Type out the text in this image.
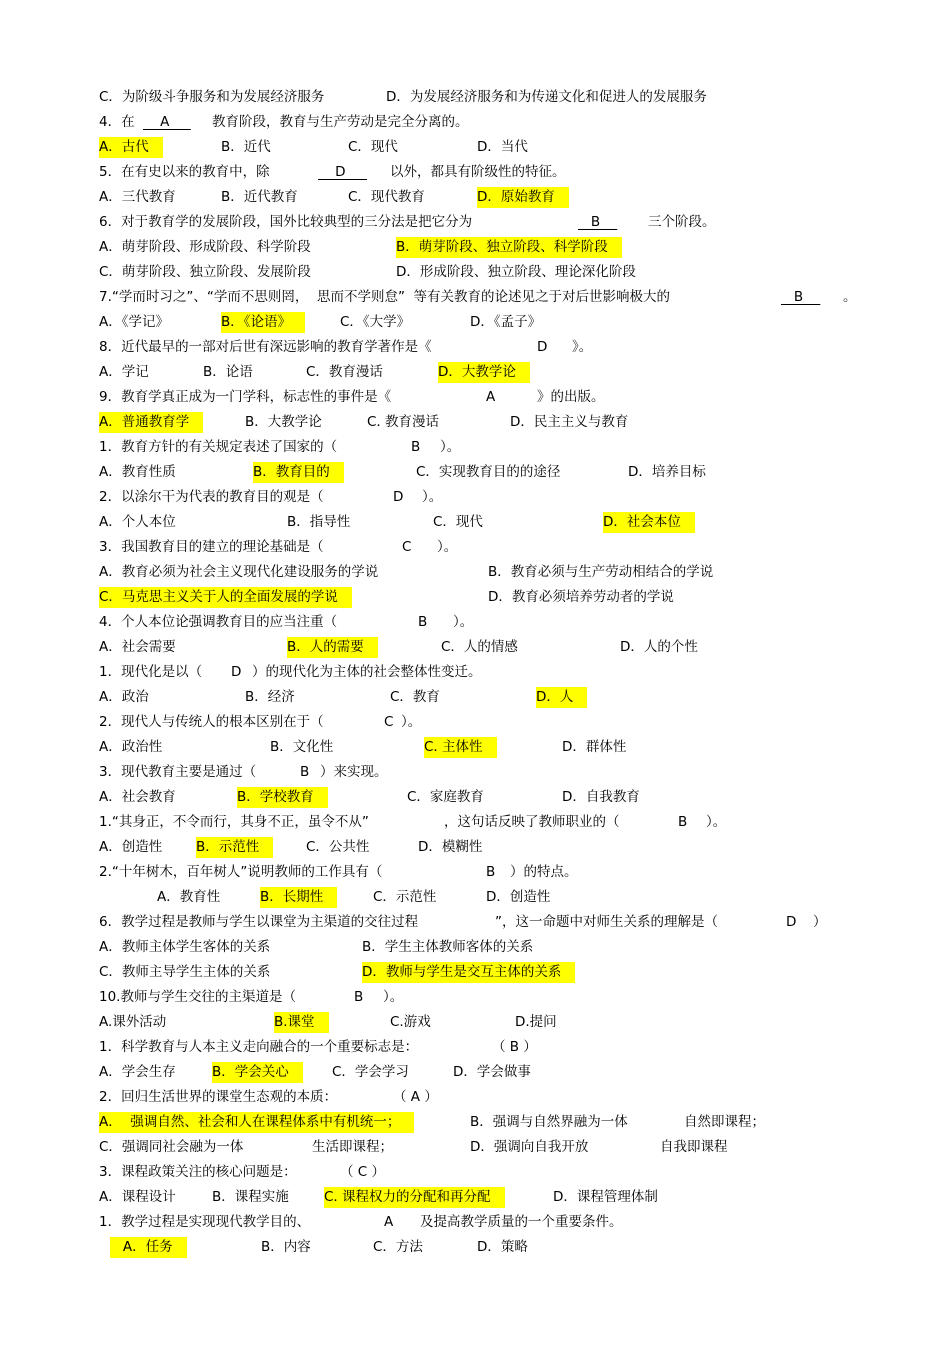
C．为阶级斗争服务和为发展经济服务	D．为发展经济服务和为传递文化和促进人的发展服务
4．在 A 教育阶段，教育与生产劳动是完全分离的。
A．古代	B．近代	C．现代	D．当代
5．在有史以来的教育中，除	D 以外，都具有阶级性的特征。
A．三代教育	B．近代教育	C．现代教育	D．原始教育
6．对于教育学的发展阶段，国外比较典型的三分法是把它分为	B 三个阶段。
A．萌芽阶段、形成阶段、科学阶段	B．萌芽阶段、独立阶段、科学阶段
C．萌芽阶段、独立阶段、发展阶段	D．形成阶段、独立阶段、理论深化阶段
7.“学而时习之”、“学而不思则罔，  思而不学则怠”  等有关教育的论述见之于对后世影响极大的	B 。
A．《学记》	B．《论语》	C．《大学》	D．《孟子》
8．近代最早的一部对后世有深远影响的教育学著作是《	D 》。
A．学记	B．论语	C．教育漫话	D．大教学论
9．教育学真正成为一门学科，标志性的事件是《	A	》的出版。
A．普通教育学	B．大教学论	C. 教育漫话	D．民主主义与教育
1．教育方针的有关规定表述了国家的（	B ）。
A．教育性质	B．教育目的	C．实现教育目的的途径	D．培养目标
2．以涂尔干为代表的教育目的观是（	D ）。
A．个人本位	B．指导性	C．现代	D．社会本位
3．我国教育目的建立的理论基础是（	C ）。
A．教育必须为社会主义现代化建设服务的学说	B．教育必须与生产劳动相结合的学说
C．马克思主义关于人的全面发展的学说	D．教育必须培养劳动者的学说
4．个人本位论强调教育目的应当注重（	B ）。
A．社会需要	B．人的需要	C．人的情感	D．人的个性
1．现代化是以（ D ）的现代化为主体的社会整体性变迁。
A．政治	B．经济	C．教育	D．人
2．现代人与传统人的根本区别在于（	C ）。
A．政治性	B．文化性	C. 主体性	D．群体性
3．现代教育主要是通过（	B ）来实现。
A．社会教育	B．学校教育	C．家庭教育	D．自我教育
1.“其身正，不令而行，其身不正，虽令不从”	，这句话反映了教师职业的（	B ）。
A．创造性	B．示范性	C．公共性	D．模糊性
2.“十年树木，百年树人”说明教师的工作具有（	B ）的特点。
A．教育性	B．长期性	C．示范性	D．创造性
6．教学过程是教师与学生以课堂为主渠道的交往过程	”，这一命题中对师生关系的理解是（	D ）
A．教师主体学生客体的关系	B．学生主体教师客体的关系
C．教师主导学生主体的关系	D．教师与学生是交互主体的关系
10.教师与学生交往的主渠道是（	B ）。
A.课外活动	B.课堂	C.游戏	D.提问
1．科学教育与人本主义走向融合的一个重要标志是：	（ B ）
A．学会生存	B．学会关心	C．学会学习	D．学会做事
2．回归生活世界的课堂生态观的本质：	（ A ）
A．  强调自然、社会和人在课程体系中有机统一；	B．强调与自然界融为一体	自然即课程；
C．强调同社会融为一体	生活即课程；	D．强调向自我开放	自我即课程
3．课程政策关注的核心问题是：	（ C ）
A．课程设计	B．课程实施	C. 课程权力的分配和再分配	D．课程管理体制
1．教学过程是实现现代教学目的、	A 及提高教学质量的一个重要条件。
A．任务	B．内容	C．方法	D．策略
